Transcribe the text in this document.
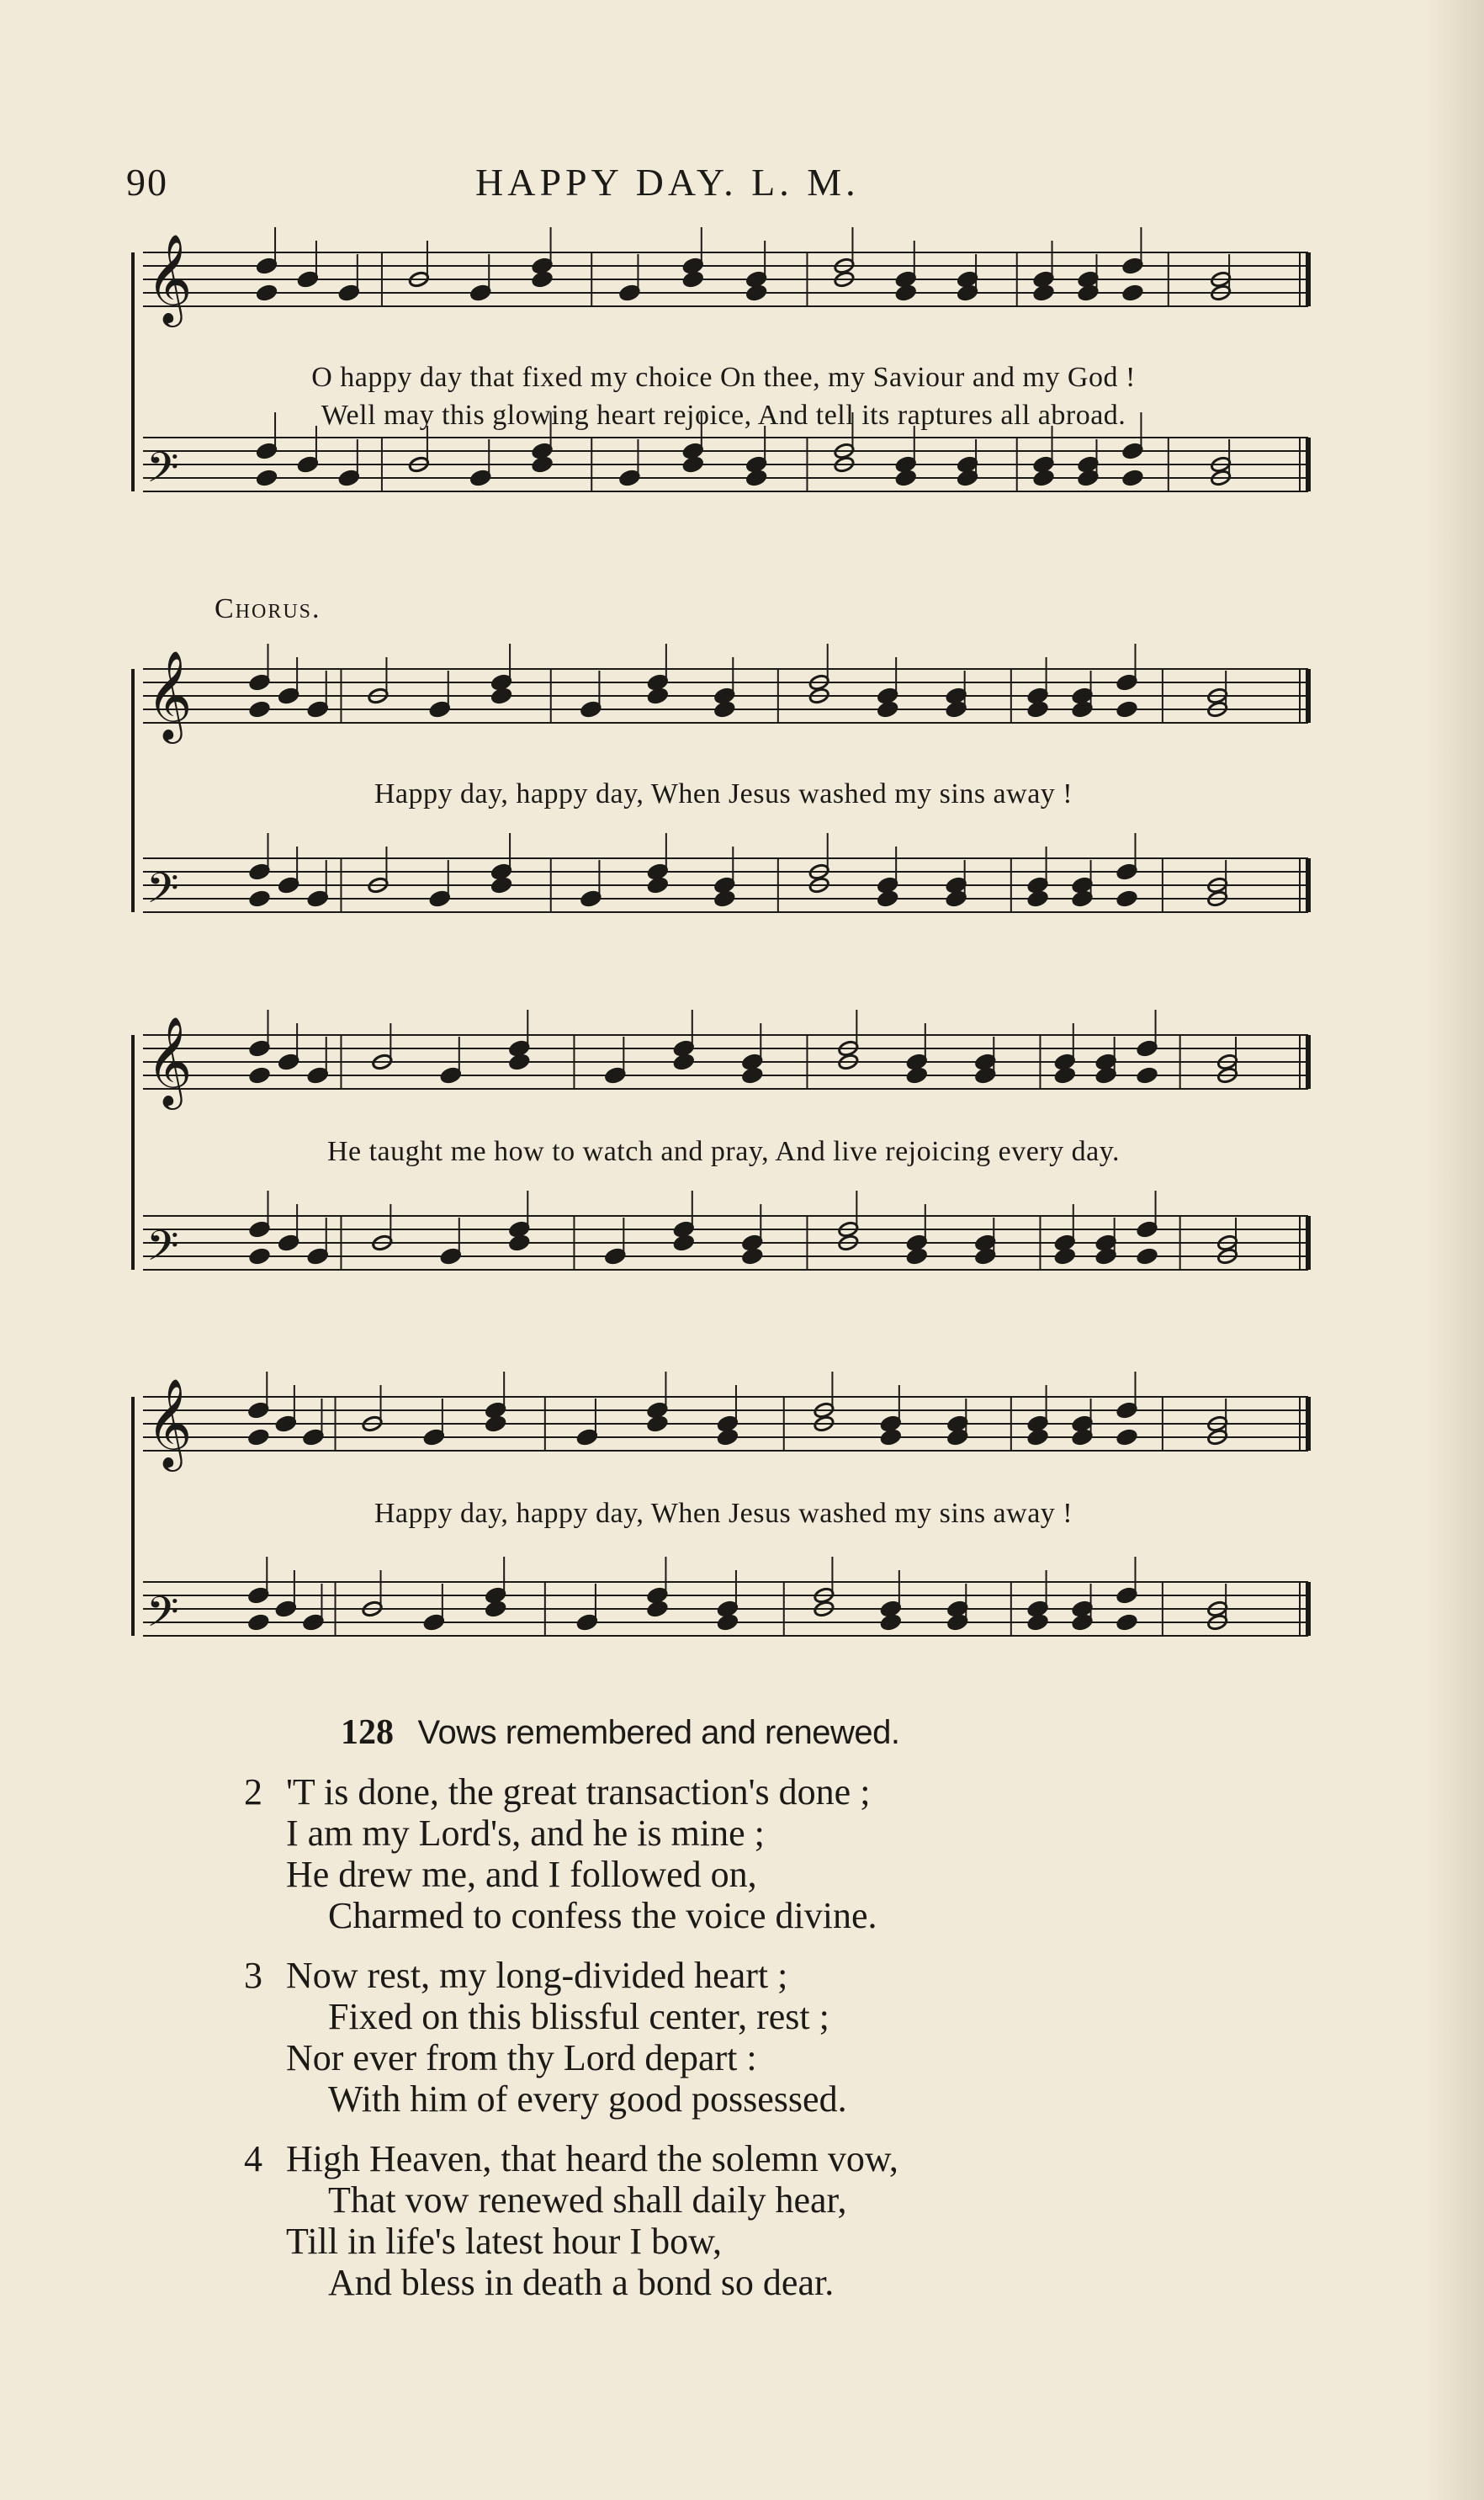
90	HAPPY DAY. L. M.
𝄞
𝄢
O happy day that fixed my choice On thee, my Saviour and my God !
Well may this glowing heart rejoice, And tell its raptures all abroad.
Chorus.
𝄞
𝄢
Happy day, happy day, When Jesus washed my sins away !
𝄞
𝄢
He taught me how to watch and pray, And live rejoicing every day.
𝄞
𝄢
Happy day, happy day, When Jesus washed my sins away !
128 Vows remembered and renewed.
2 'T is done, the great transaction's done ;
I am my Lord's, and he is mine ;
He drew me, and I followed on,
Charmed to confess the voice divine.
3 Now rest, my long-divided heart ;
Fixed on this blissful center, rest ;
Nor ever from thy Lord depart :
With him of every good possessed.
4 High Heaven, that heard the solemn vow,
That vow renewed shall daily hear,
Till in life's latest hour I bow,
And bless in death a bond so dear.
